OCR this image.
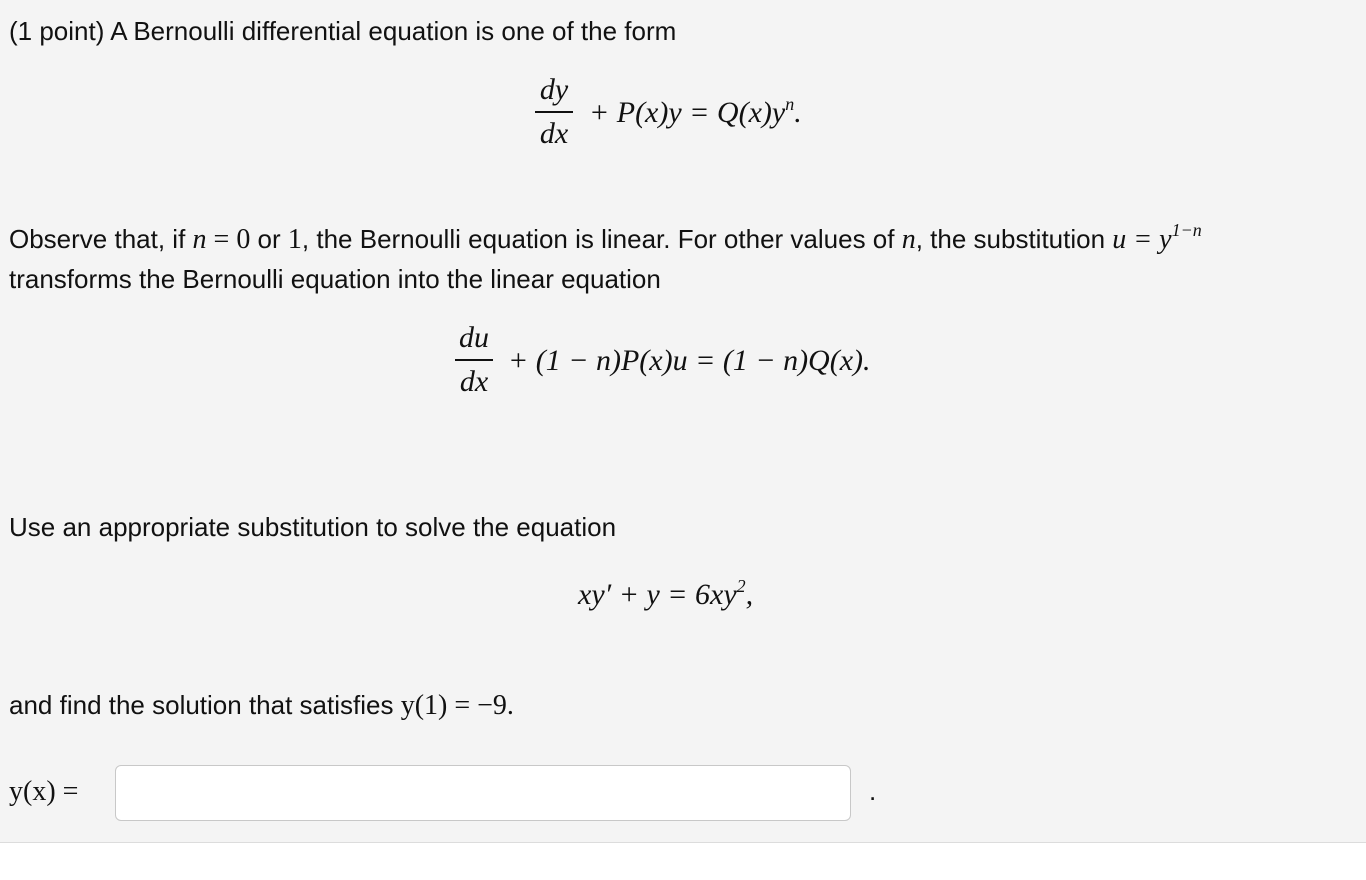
(1 point) A Bernoulli differential equation is one of the form
dy
dx
+ $P(x)y = Q(x)y^n$.
Observe that, if n = 0 or 1, the Bernoulli equation is linear. For other values of n, the substitution $u = y^{1-n}$
transforms the Bernoulli equation into the linear equation
du
dx
+ (1 − n)P(x)u = (1 − n)Q(x).
Use an appropriate substitution to solve the equation
$xy' + y = 6xy^2$,
and find the solution that satisfies y(1) = −9.
y(x) =	.
